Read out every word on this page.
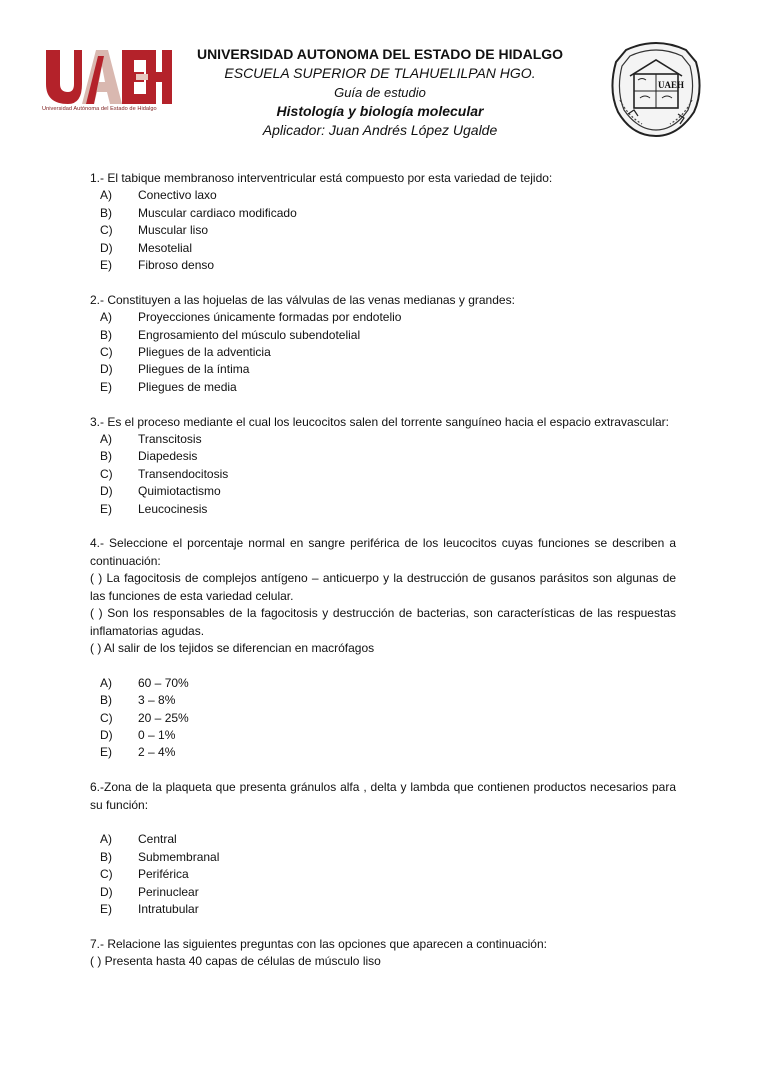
Universidad Autónoma del Estado de Hidalgo
UNIVERSIDAD AUTONOMA DEL ESTADO DE HIDALGO
ESCUELA SUPERIOR DE TLAHUELILPAN HGO.
Guía de estudio
Histología y biología molecular
Aplicador: Juan Andrés López Ugalde
UAEH

1.- El tabique membranoso interventricular está compuesto por esta variedad de tejido:

A) Conectivo laxo
B) Muscular cardiaco modificado
C) Muscular liso
D) Mesotelial
E) Fibroso denso

2.- Constituyen a las hojuelas de las válvulas de las venas medianas y grandes:

A) Proyecciones únicamente formadas por endotelio
B) Engrosamiento del músculo subendotelial
C) Pliegues de la adventicia
D) Pliegues de la íntima
E) Pliegues de media

3.- Es el proceso mediante el cual los leucocitos salen del torrente sanguíneo hacia el espacio extravascular:

A) Transcitosis
B) Diapedesis
C) Transendocitosis
D) Quimiotactismo
E) Leucocinesis

4.- Seleccione el porcentaje normal en sangre periférica de los leucocitos cuyas funciones se describen a continuación:

( ) La fagocitosis de complejos antígeno – anticuerpo y la destrucción de gusanos parásitos son algunas de las funciones de esta variedad celular.

( ) Son los responsables de la fagocitosis y destrucción de bacterias, son características de las respuestas inflamatorias agudas.

( ) Al salir de los tejidos se diferencian en macrófagos

A) 60 – 70%
B) 3 – 8%
C) 20 – 25%
D) 0 – 1%
E) 2 – 4%

6.-Zona de la plaqueta que presenta gránulos alfa , delta y lambda que contienen productos necesarios para su función:

A) Central
B) Submembranal
C) Periférica
D) Perinuclear
E) Intratubular

7.- Relacione las siguientes preguntas con las opciones que aparecen a continuación:

( ) Presenta hasta 40 capas de células de músculo liso
